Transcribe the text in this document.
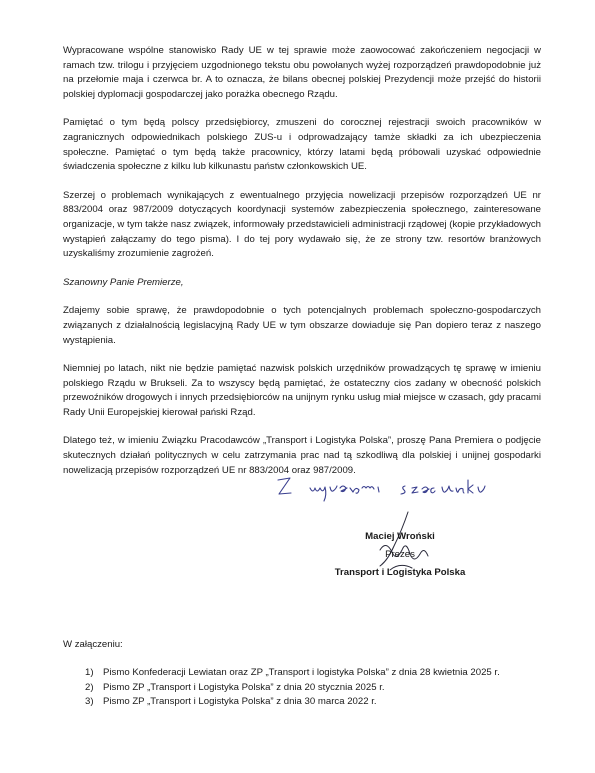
Wypracowane wspólne stanowisko Rady UE w tej sprawie może zaowocować zakończeniem negocjacji w ramach tzw. trilogu i przyjęciem uzgodnionego tekstu obu powołanych wyżej rozporządzeń prawdopodobnie już na przełomie maja i czerwca br. A to oznacza, że bilans obecnej polskiej Prezydencji może przejść do historii polskiej dyplomacji gospodarczej jako porażka obecnego Rządu.

Pamiętać o tym będą polscy przedsiębiorcy, zmuszeni do corocznej rejestracji swoich pracowników w zagranicznych odpowiednikach polskiego ZUS-u i odprowadzający tamże składki za ich ubezpieczenia społeczne. Pamiętać o tym będą także pracownicy, którzy latami będą próbowali uzyskać odpowiednie świadczenia społeczne z kilku lub kilkunastu państw członkowskich UE.

Szerzej o problemach wynikających z ewentualnego przyjęcia nowelizacji przepisów rozporządzeń UE nr 883/2004 oraz 987/2009 dotyczących koordynacji systemów zabezpieczenia społecznego, zainteresowane organizacje, w tym także nasz związek, informowały przedstawicieli administracji rządowej (kopie przykładowych wystąpień załączamy do tego pisma). I do tej pory wydawało się, że ze strony tzw. resortów branżowych uzyskaliśmy zrozumienie zagrożeń.

Szanowny Panie Premierze,

Zdajemy sobie sprawę, że prawdopodobnie o tych potencjalnych problemach społeczno-gospodarczych związanych z działalnością legislacyjną Rady UE w tym obszarze dowiaduje się Pan dopiero teraz z naszego wystąpienia.

Niemniej po latach, nikt nie będzie pamiętać nazwisk polskich urzędników prowadzących tę sprawę w imieniu polskiego Rządu w Brukseli. Za to wszyscy będą pamiętać, że ostateczny cios zadany w obecność polskich przewoźników drogowych i innych przedsiębiorców na unijnym rynku usług miał miejsce w czasach, gdy pracami Rady Unii Europejskiej kierował pański Rząd.

Dlatego też, w imieniu Związku Pracodawców „Transport i Logistyka Polska”, proszę Pana Premiera o podjęcie skutecznych działań politycznych w celu zatrzymania prac nad tą szkodliwą dla polskiej i unijnej gospodarki nowelizacją przepisów rozporządzeń UE nr 883/2004 oraz 987/2009.

Maciej Wroński
Prezes
Transport i Logistyka Polska
W załączeniu:
1) Pismo Konfederacji Lewiatan oraz ZP „Transport i logistyka Polska” z dnia 28 kwietnia 2025 r.
2) Pismo ZP „Transport i Logistyka Polska” z dnia 20 stycznia 2025 r.
3) Pismo ZP „Transport i Logistyka Polska” z dnia 30 marca 2022 r.
